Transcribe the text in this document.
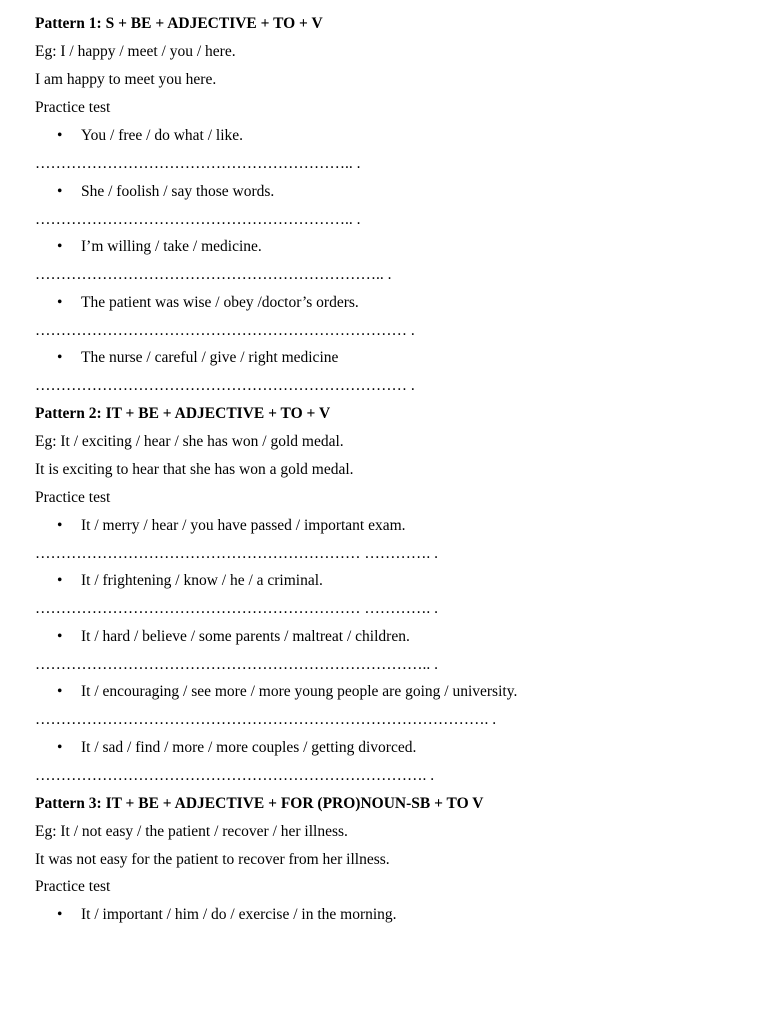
Pattern 1: S + BE + ADJECTIVE + TO + V
Eg: I / happy / meet / you / here.
I am happy to meet you here.
Practice test
• You / free / do what / like.
…………………………………………………….. .
• She / foolish / say those words.
…………………………………………………….. .
• I’m willing / take / medicine.
………………………………………………………….. .
• The patient was wise / obey /doctor’s orders.
……………………………………………………………… .
• The nurse / careful / give / right medicine
……………………………………………………………… .
Pattern 2: IT + BE + ADJECTIVE + TO + V
Eg: It / exciting / hear / she has won / gold medal.
It is exciting to hear that she has won a gold medal.
Practice test
• It / merry / hear / you have passed / important exam.
……………………………………………………… …………. .
• It / frightening / know / he / a criminal.
……………………………………………………… …………. .
• It / hard / believe / some parents / maltreat / children.
………………………………………………………………….. .
• It / encouraging / see more / more young people are going / university.
……………………………………………………………………………. .
• It / sad / find / more / more couples / getting divorced.
…………………………………………………………………. .
Pattern 3: IT + BE + ADJECTIVE + FOR (PRO)NOUN-SB + TO V
Eg: It / not easy / the patient / recover / her illness.
It was not easy for the patient to recover from her illness.
Practice test
• It / important / him / do / exercise / in the morning.
